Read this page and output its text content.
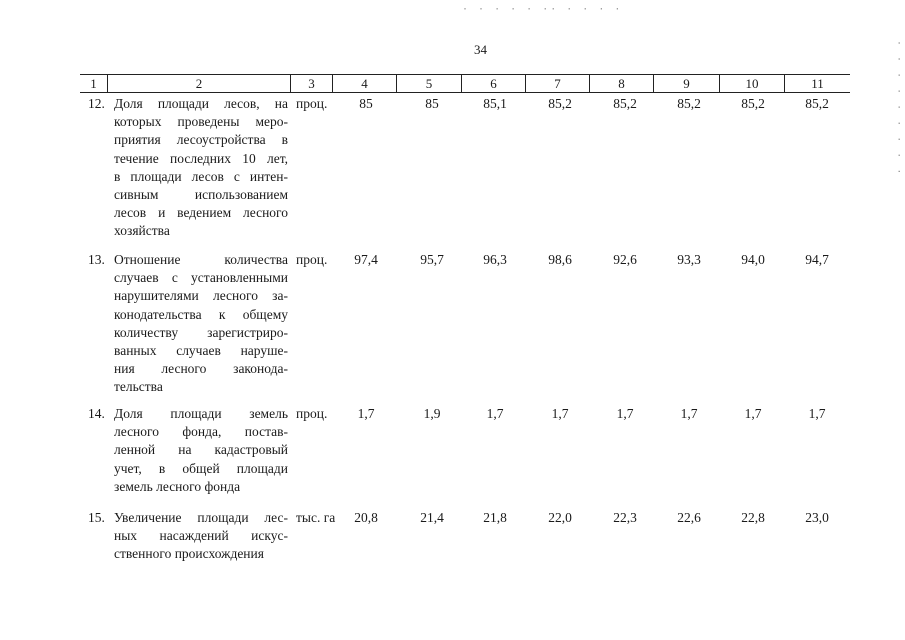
· · · · · ·· · · · ·
· · · · · · · · ·
34
1	2	3	4	5	6	7	8	9	10	11
12. Доля площади лесов, на
которых проведены меро-
приятия лесоустройства в
течение последних 10 лет,
в площади лесов с интен-
сивным использованием
лесов и ведением лесного
хозяйства
проц.	85	85	85,1	85,2	85,2	85,2	85,2	85,2
13. Отношение количества
случаев с установленными
нарушителями лесного за-
конодательства к общему
количеству зарегистриро-
ванных случаев наруше-
ния лесного законода-
тельства
проц.	97,4	95,7	96,3	98,6	92,6	93,3	94,0	94,7
14. Доля площади земель
лесного фонда, постав-
ленной на кадастровый
учет, в общей площади
земель лесного фонда
проц.	1,7	1,9	1,7	1,7	1,7	1,7	1,7	1,7
15. Увеличение площади лес-
ных насаждений искус-
ственного происхождения
тыс. га	20,8	21,4	21,8	22,0	22,3	22,6	22,8	23,0
